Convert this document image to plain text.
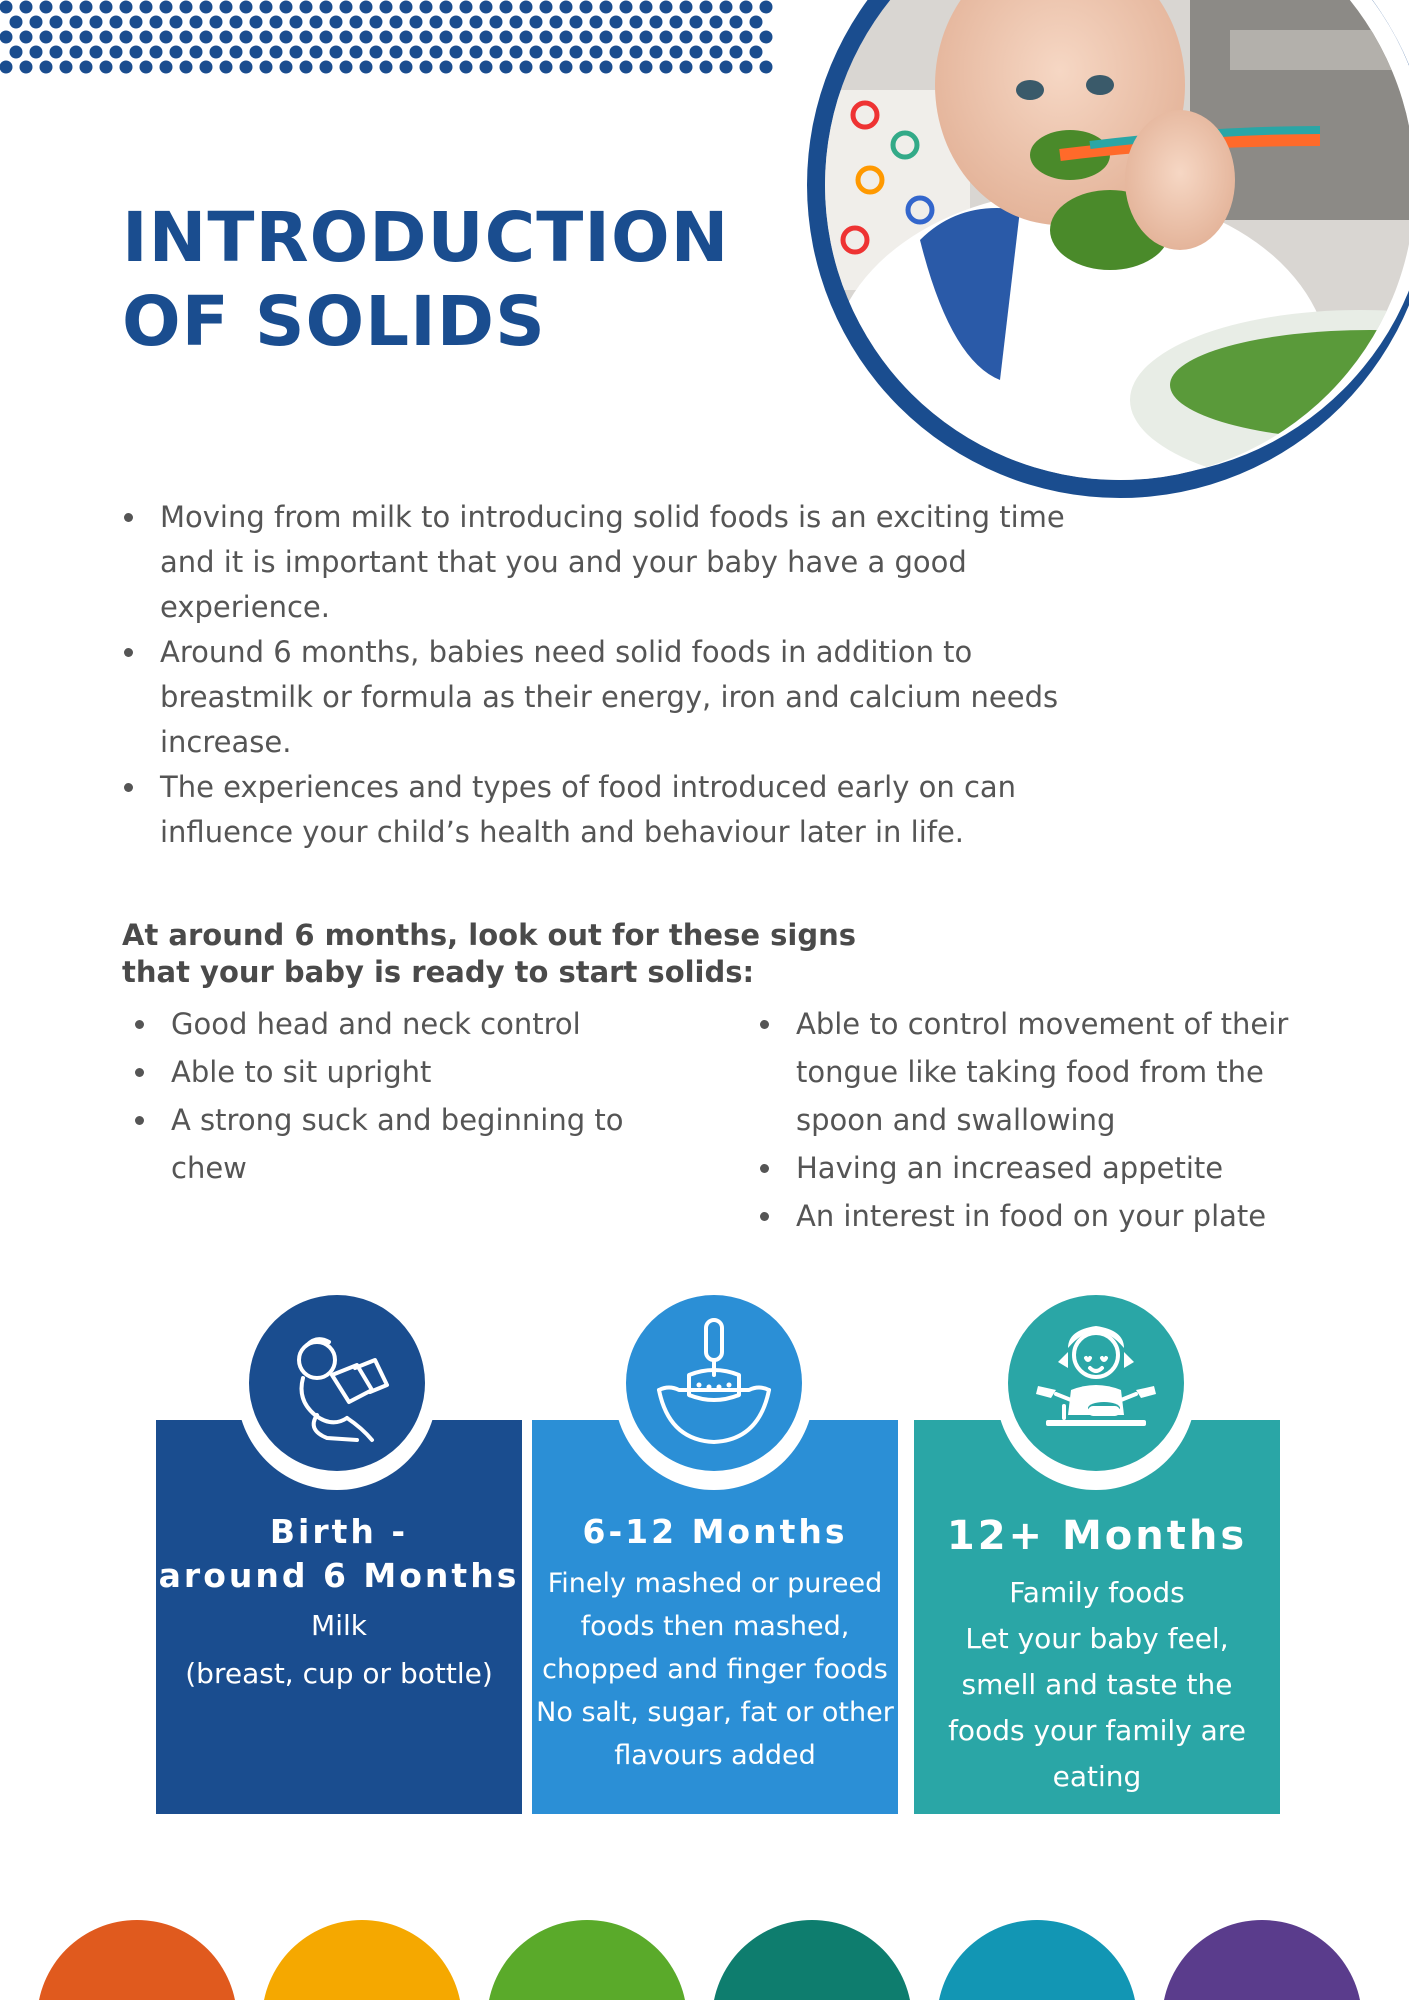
INTRODUCTION
OF SOLIDS
Moving from milk to introducing solid foods is an exciting time and it is important that you and your baby have a good experience.
Around 6 months, babies need solid foods in addition to breastmilk or formula as their energy, iron and calcium needs increase.
The experiences and types of food introduced early on can influence your child’s health and behaviour later in life.
At around 6 months, look out for these signs
that your baby is ready to start solids:
Good head and neck control
Able to sit upright
A strong suck and beginning to chew
Able to control movement of their tongue like taking food from the spoon and swallowing
Having an increased appetite
An interest in food on your plate

Birth -
around 6 Months

Milk
(breast, cup or bottle)

6-12 Months

Finely mashed or pureed
foods then mashed,
chopped and finger foods
No salt, sugar, fat or other
flavours added

12+ Months

Family foods
Let your baby feel,
smell and taste the
foods your family are
eating
